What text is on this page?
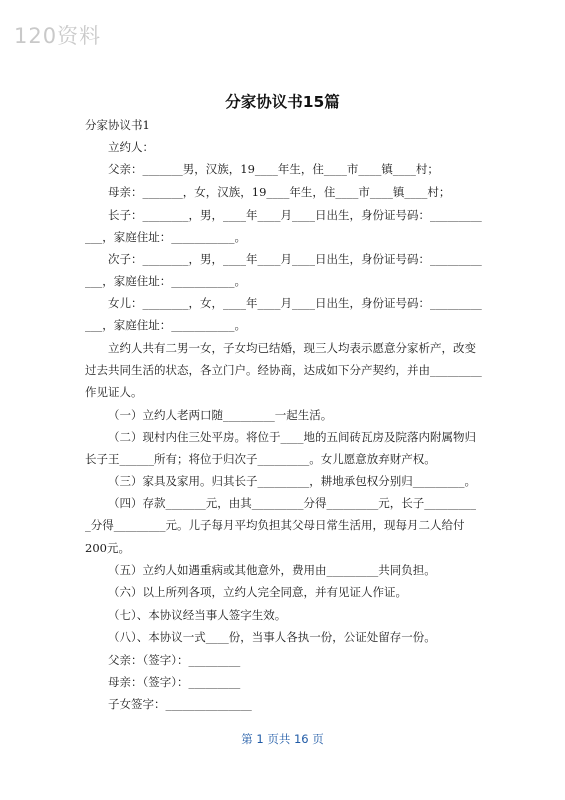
120资料
分家协议书15篇
分家协议书1
立约人：
父亲：_______男，汉族，19____年生，住____市____镇____村；
母亲：_______，女，汉族，19____年生，住____市____镇____村；
长子：________，男，____年____月____日出生，身份证号码：_________
___，家庭住址：___________。
次子：________，男，____年____月____日出生，身份证号码：_________
___，家庭住址：___________。
女儿：________，女，____年____月____日出生，身份证号码：_________
___，家庭住址：___________。
立约人共有二男一女，子女均已结婚，现三人均表示愿意分家析产，改变
过去共同生活的状态，各立门户。经协商，达成如下分产契约，并由_________
作见证人。
（一）立约人老两口随_________一起生活。
（二）现村内住三处平房。将位于____地的五间砖瓦房及院落内附属物归
长子王______所有；将位于归次子_________。女儿愿意放弃财产权。
（三）家具及家用。归其长子_________，耕地承包权分别归_________。
（四）存款_______元，由其_________分得_________元，长子_________
_分得_________元。儿子每月平均负担其父母日常生活用，现每月二人给付
200元。
（五）立约人如遇重病或其他意外，费用由_________共同负担。
（六）以上所列各项，立约人完全同意，并有见证人作证。
（七）、本协议经当事人签字生效。
（八）、本协议一式____份，当事人各执一份，公证处留存一份。
父亲：（签字）：_________
母亲：（签字）：_________
子女签字：_______________
第 1 页共 16 页
